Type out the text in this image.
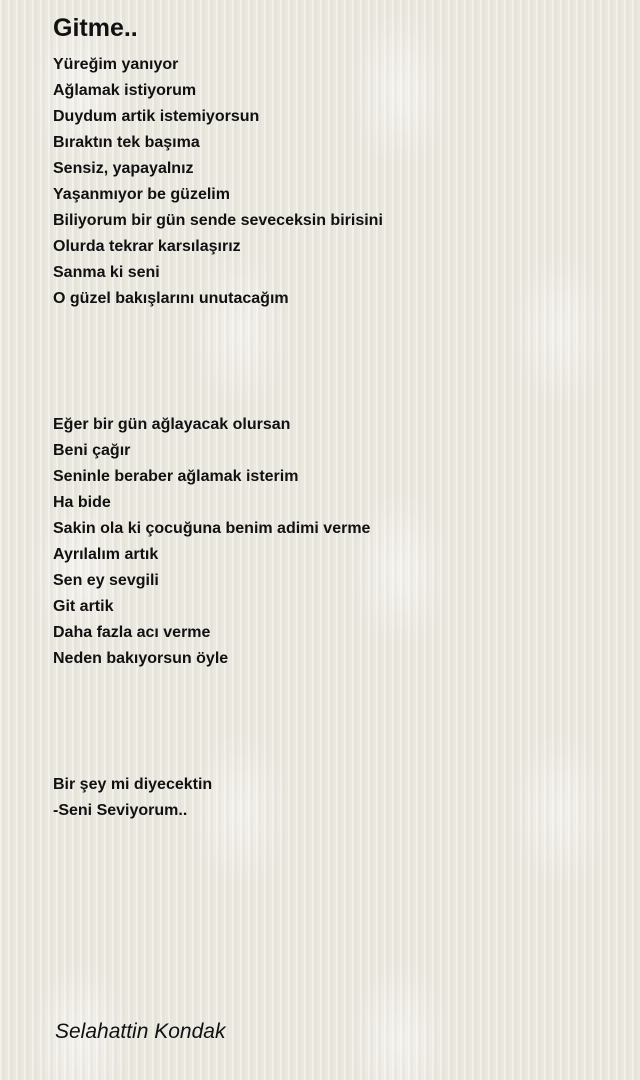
Gitme..
Yüreğim yanıyor
Ağlamak istiyorum
Duydum artik istemiyorsun
Bıraktın tek başıma
Sensiz, yapayalnız
Yaşanmıyor be güzelim
Biliyorum bir gün sende seveceksin birisini
Olurda tekrar karsılaşırız
Sanma ki seni
O güzel bakışlarını unutacağım
Eğer bir gün ağlayacak olursan
Beni çağır
Seninle beraber ağlamak isterim
Ha bide
Sakin ola ki çocuğuna benim adimi verme
Ayrılalım artık
Sen ey sevgili
Git artik
Daha fazla acı verme
Neden bakıyorsun öyle
Bir şey mi diyecektin
-Seni Seviyorum..
Selahattin Kondak
